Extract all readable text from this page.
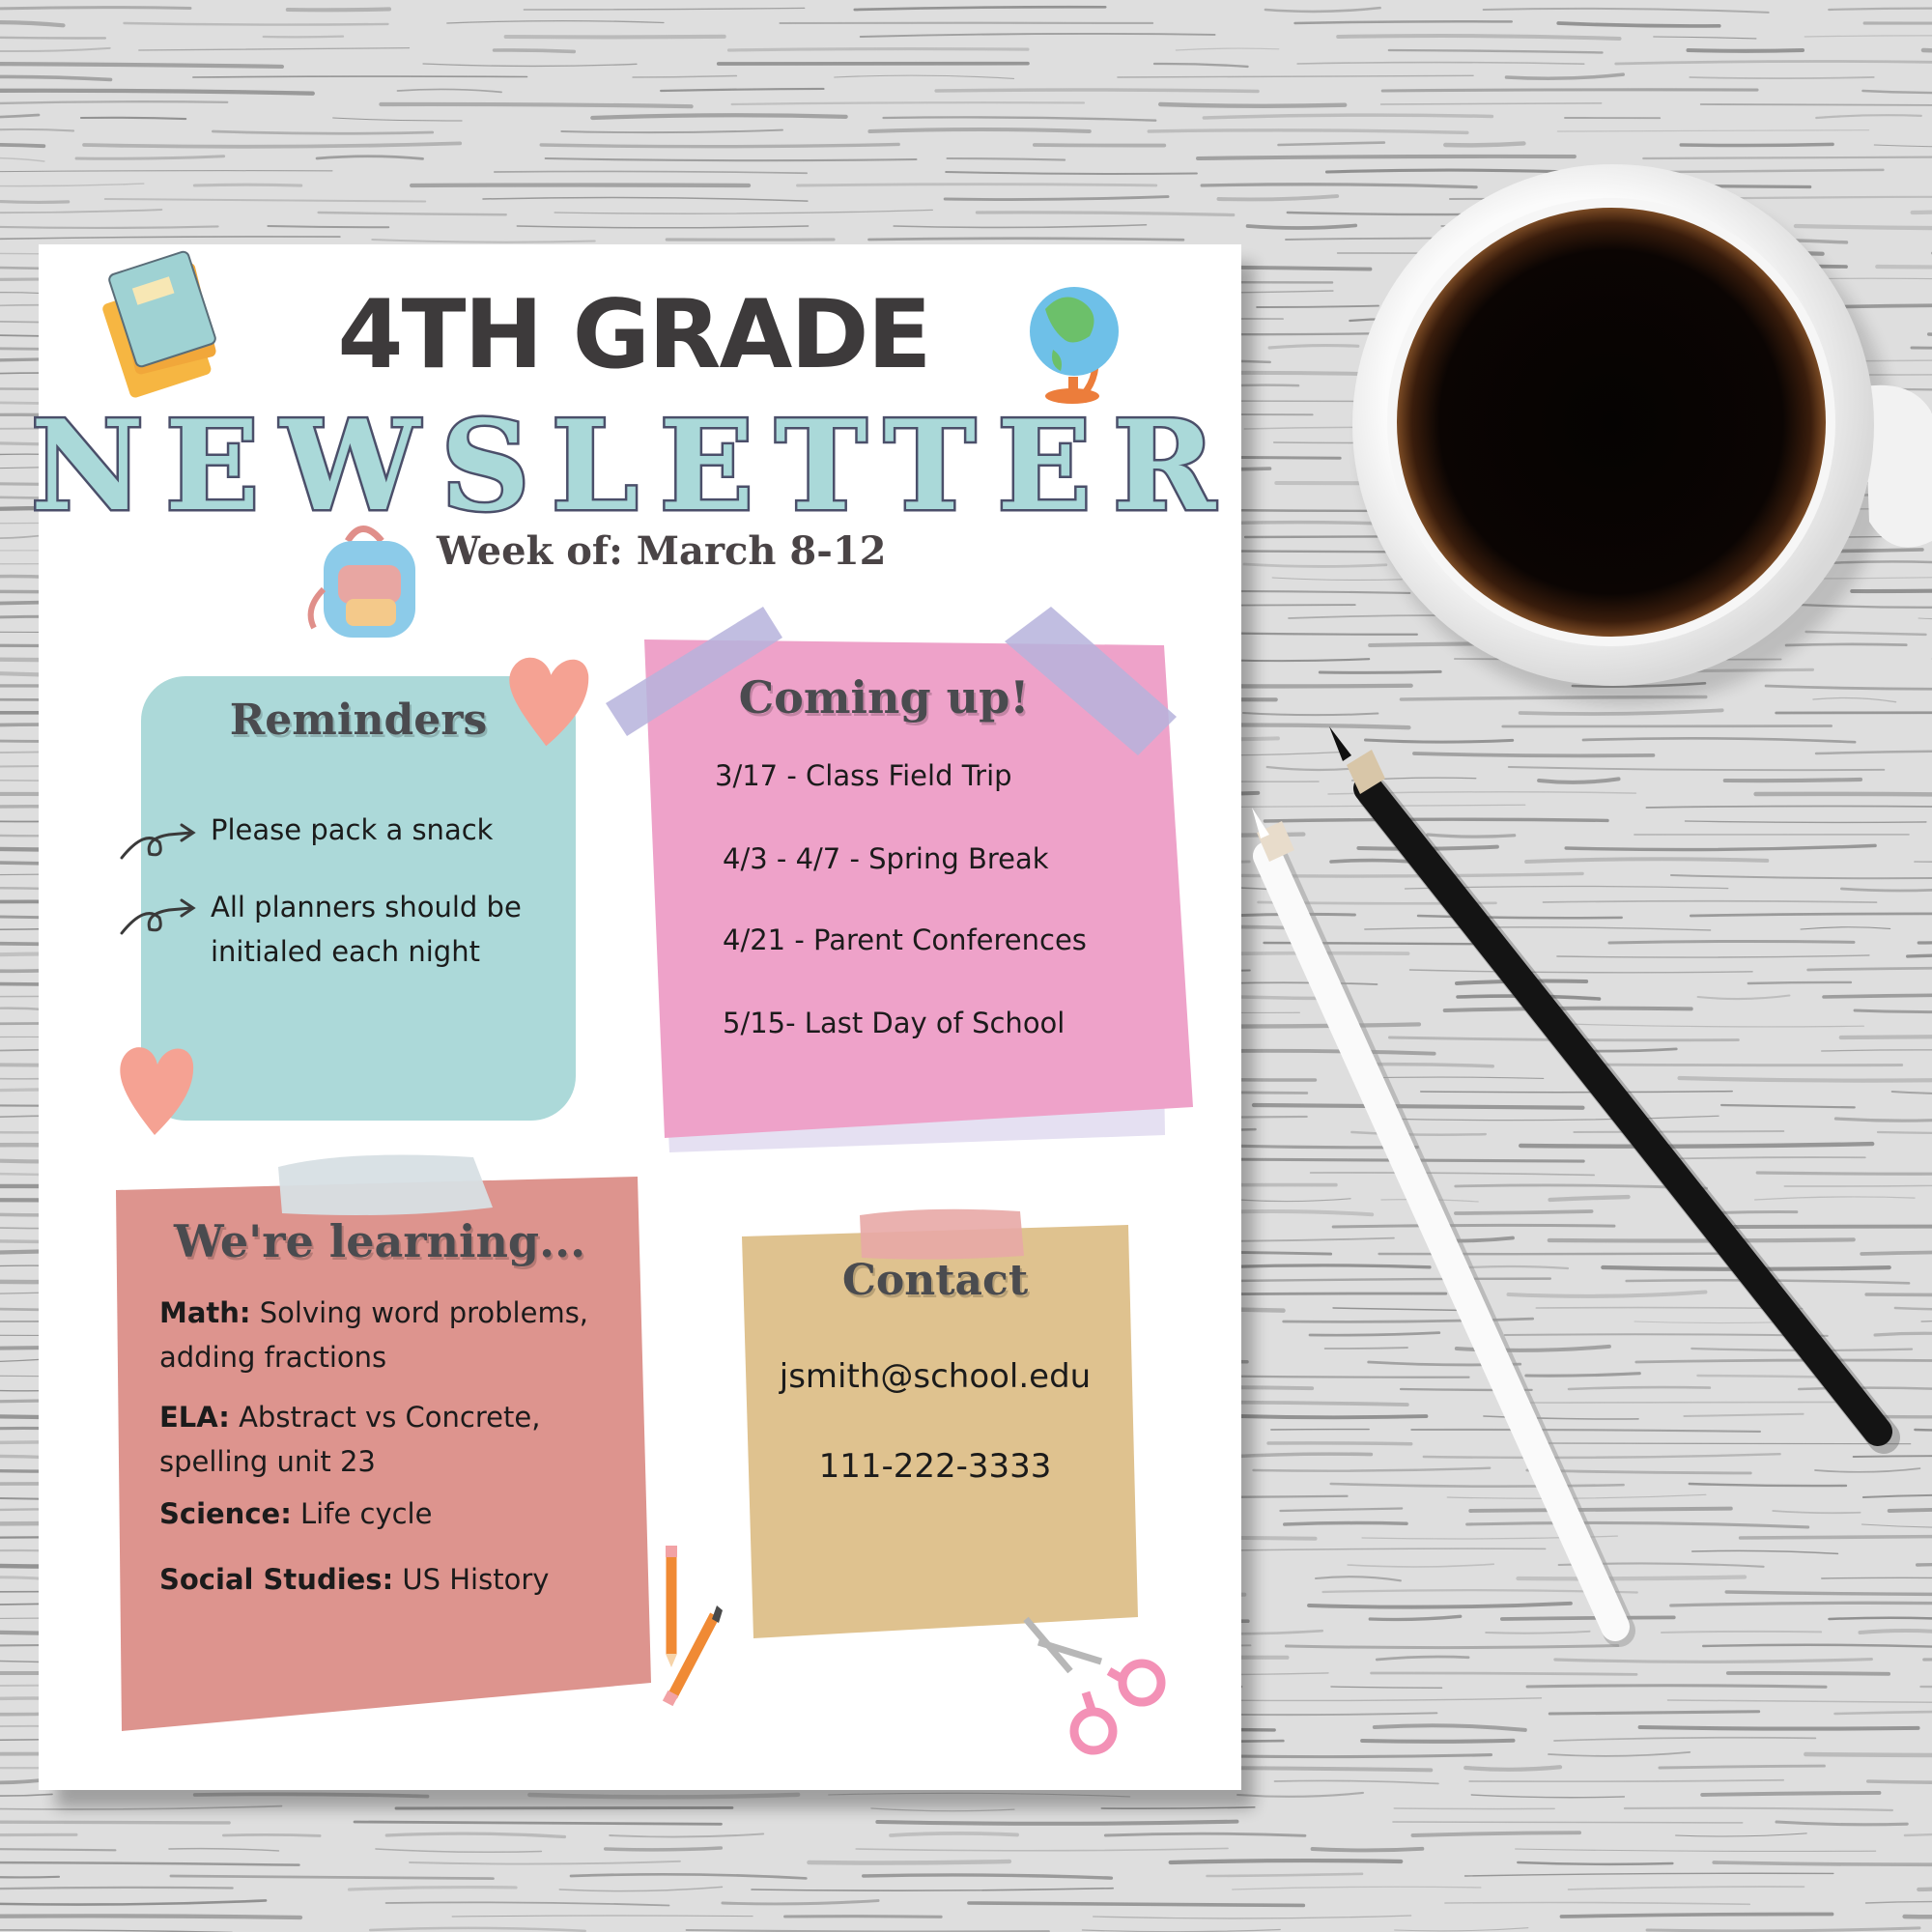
4TH GRADE
NEWSLETTER
Week of: March 8-12
Reminders
Please pack a snack
All planners should be
initialed each night
Coming up!
3/17 - Class Field Trip
4/3 - 4/7 - Spring Break
4/21 - Parent Conferences
5/15- Last Day of School
We're learning...
Math: Solving word problems,
adding fractions
ELA: Abstract vs Concrete,
spelling unit 23
Science: Life cycle
Social Studies: US History
Contact
jsmith@school.edu
111-222-3333
